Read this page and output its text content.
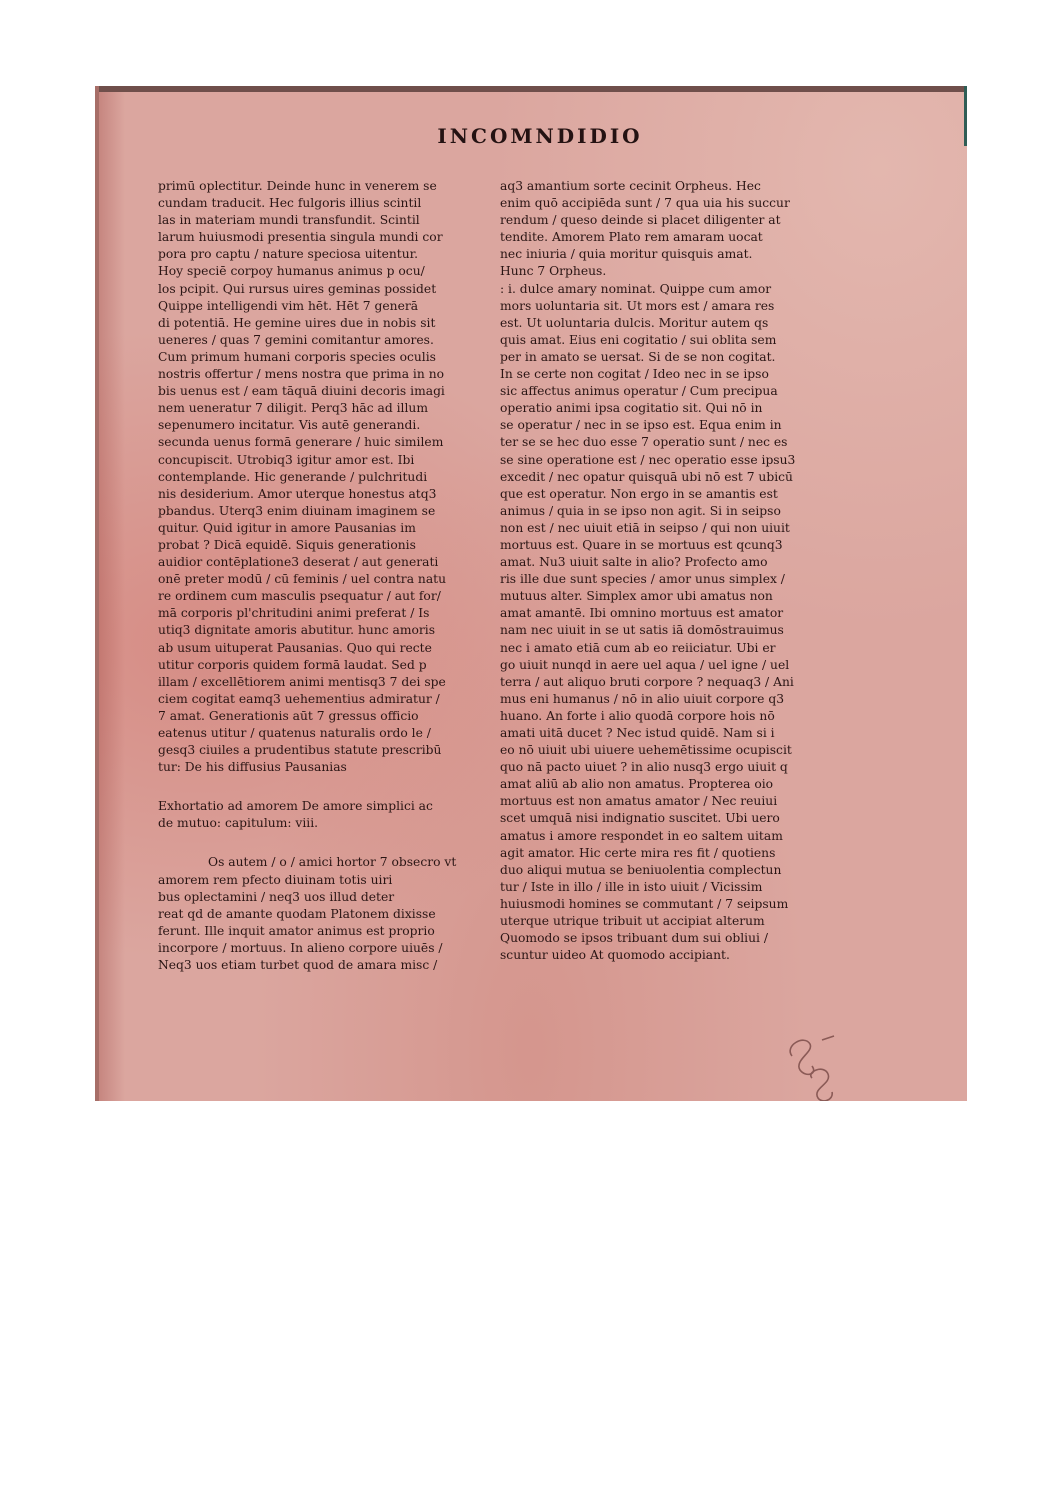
INCOMNDIDIO
primū oplectitur. Deinde hunc in venerem se
cundam traducit. Hec fulgoris illius scintil
las in materiam mundi transfundit. Scintil
larum huiusmodi presentia singula mundi cor
pora pro captu / nature speciosa uitentur.
Hoy speciē corpoy humanus animus p ocu/
los pcipit. Qui rursus uires geminas possidet
Quippe intelligendi vim hēt. Hēt 7 generā
di potentiā. He gemine uires due in nobis sit
ueneres / quas 7 gemini comitantur amores.
Cum primum humani corporis species oculis
nostris offertur / mens nostra que prima in no
bis uenus est / eam tāquā diuini decoris imagi
nem ueneratur 7 diligit. Perq3 hāc ad illum
sepenumero incitatur. Vis autē generandi.
secunda uenus formā generare / huic similem
concupiscit. Utrobiq3 igitur amor est. Ibi
contemplande. Hic generande / pulchritudi
nis desiderium. Amor uterque honestus atq3
pbandus. Uterq3 enim diuinam imaginem se
quitur. Quid igitur in amore Pausanias im
probat ? Dicā equidē. Siquis generationis
auidior contēplatione3 deserat / aut generati
onē preter modū / cū feminis / uel contra natu
re ordinem cum masculis psequatur / aut for/
mā corporis pl'chritudini animi preferat / Is
utiq3 dignitate amoris abutitur. hunc amoris
ab usum uituperat Pausanias. Quo qui recte
utitur corporis quidem formā laudat. Sed p
illam / excellētiorem animi mentisq3 7 dei spe
ciem cogitat eamq3 uehementius admiratur /
7 amat. Generationis aūt 7 gressus officio
eatenus utitur / quatenus naturalis ordo le /
gesq3 ciuiles a prudentibus statute prescribū
tur: De his diffusius Pausanias
Exhortatio ad amorem De amore simplici ac
de mutuo: capitulum: viii.
Os autem / o / amici hortor 7 obsecro vt
amorem rem pfecto diuinam totis uiri
bus oplectamini / neq3 uos illud deter
reat qd de amante quodam Platonem dixisse
ferunt. Ille inquit amator animus est proprio
incorpore / mortuus. In alieno corpore uiuēs /
Neq3 uos etiam turbet quod de amara misc /
aq3 amantium sorte cecinit Orpheus. Hec
enim quō accipiēda sunt / 7 qua uia his succur
rendum / queso deinde si placet diligenter at
tendite. Amorem Plato rem amaram uocat
nec iniuria / quia moritur quisquis amat.
Hunc 7 Orpheus.
: i. dulce amary nominat. Quippe cum amor
mors uoluntaria sit. Ut mors est / amara res
est. Ut uoluntaria dulcis. Moritur autem qs
quis amat. Eius eni cogitatio / sui oblita sem
per in amato se uersat. Si de se non cogitat.
In se certe non cogitat / Ideo nec in se ipso
sic affectus animus operatur / Cum precipua
operatio animi ipsa cogitatio sit. Qui nō in
se operatur / nec in se ipso est. Equa enim in
ter se se hec duo esse 7 operatio sunt / nec es
se sine operatione est / nec operatio esse ipsu3
excedit / nec opatur quisquā ubi nō est 7 ubicū
que est operatur. Non ergo in se amantis est
animus / quia in se ipso non agit. Si in seipso
non est / nec uiuit etiā in seipso / qui non uiuit
mortuus est. Quare in se mortuus est qcunq3
amat. Nu3 uiuit salte in alio? Profecto amo
ris ille due sunt species / amor unus simplex /
mutuus alter. Simplex amor ubi amatus non
amat amantē. Ibi omnino mortuus est amator
nam nec uiuit in se ut satis iā domōstrauimus
nec i amato etiā cum ab eo reiiciatur. Ubi er
go uiuit nunqd in aere uel aqua / uel igne / uel
terra / aut aliquo bruti corpore ? nequaq3 / Ani
mus eni humanus / nō in alio uiuit corpore q3
huano. An forte i alio quodā corpore hois nō
amati uitā ducet ? Nec istud quidē. Nam si i
eo nō uiuit ubi uiuere uehemētissime ocupiscit
quo nā pacto uiuet ? in alio nusq3 ergo uiuit q
amat aliū ab alio non amatus. Propterea oio
mortuus est non amatus amator / Nec reuiui
scet umquā nisi indignatio suscitet. Ubi uero
amatus i amore respondet in eo saltem uitam
agit amator. Hic certe mira res fit / quotiens
duo aliqui mutua se beniuolentia complectun
tur / Iste in illo / ille in isto uiuit / Vicissim
huiusmodi homines se commutant / 7 seipsum
uterque utrique tribuit ut accipiat alterum
Quomodo se ipsos tribuant dum sui obliui /
scuntur uideo At quomodo accipiant.
